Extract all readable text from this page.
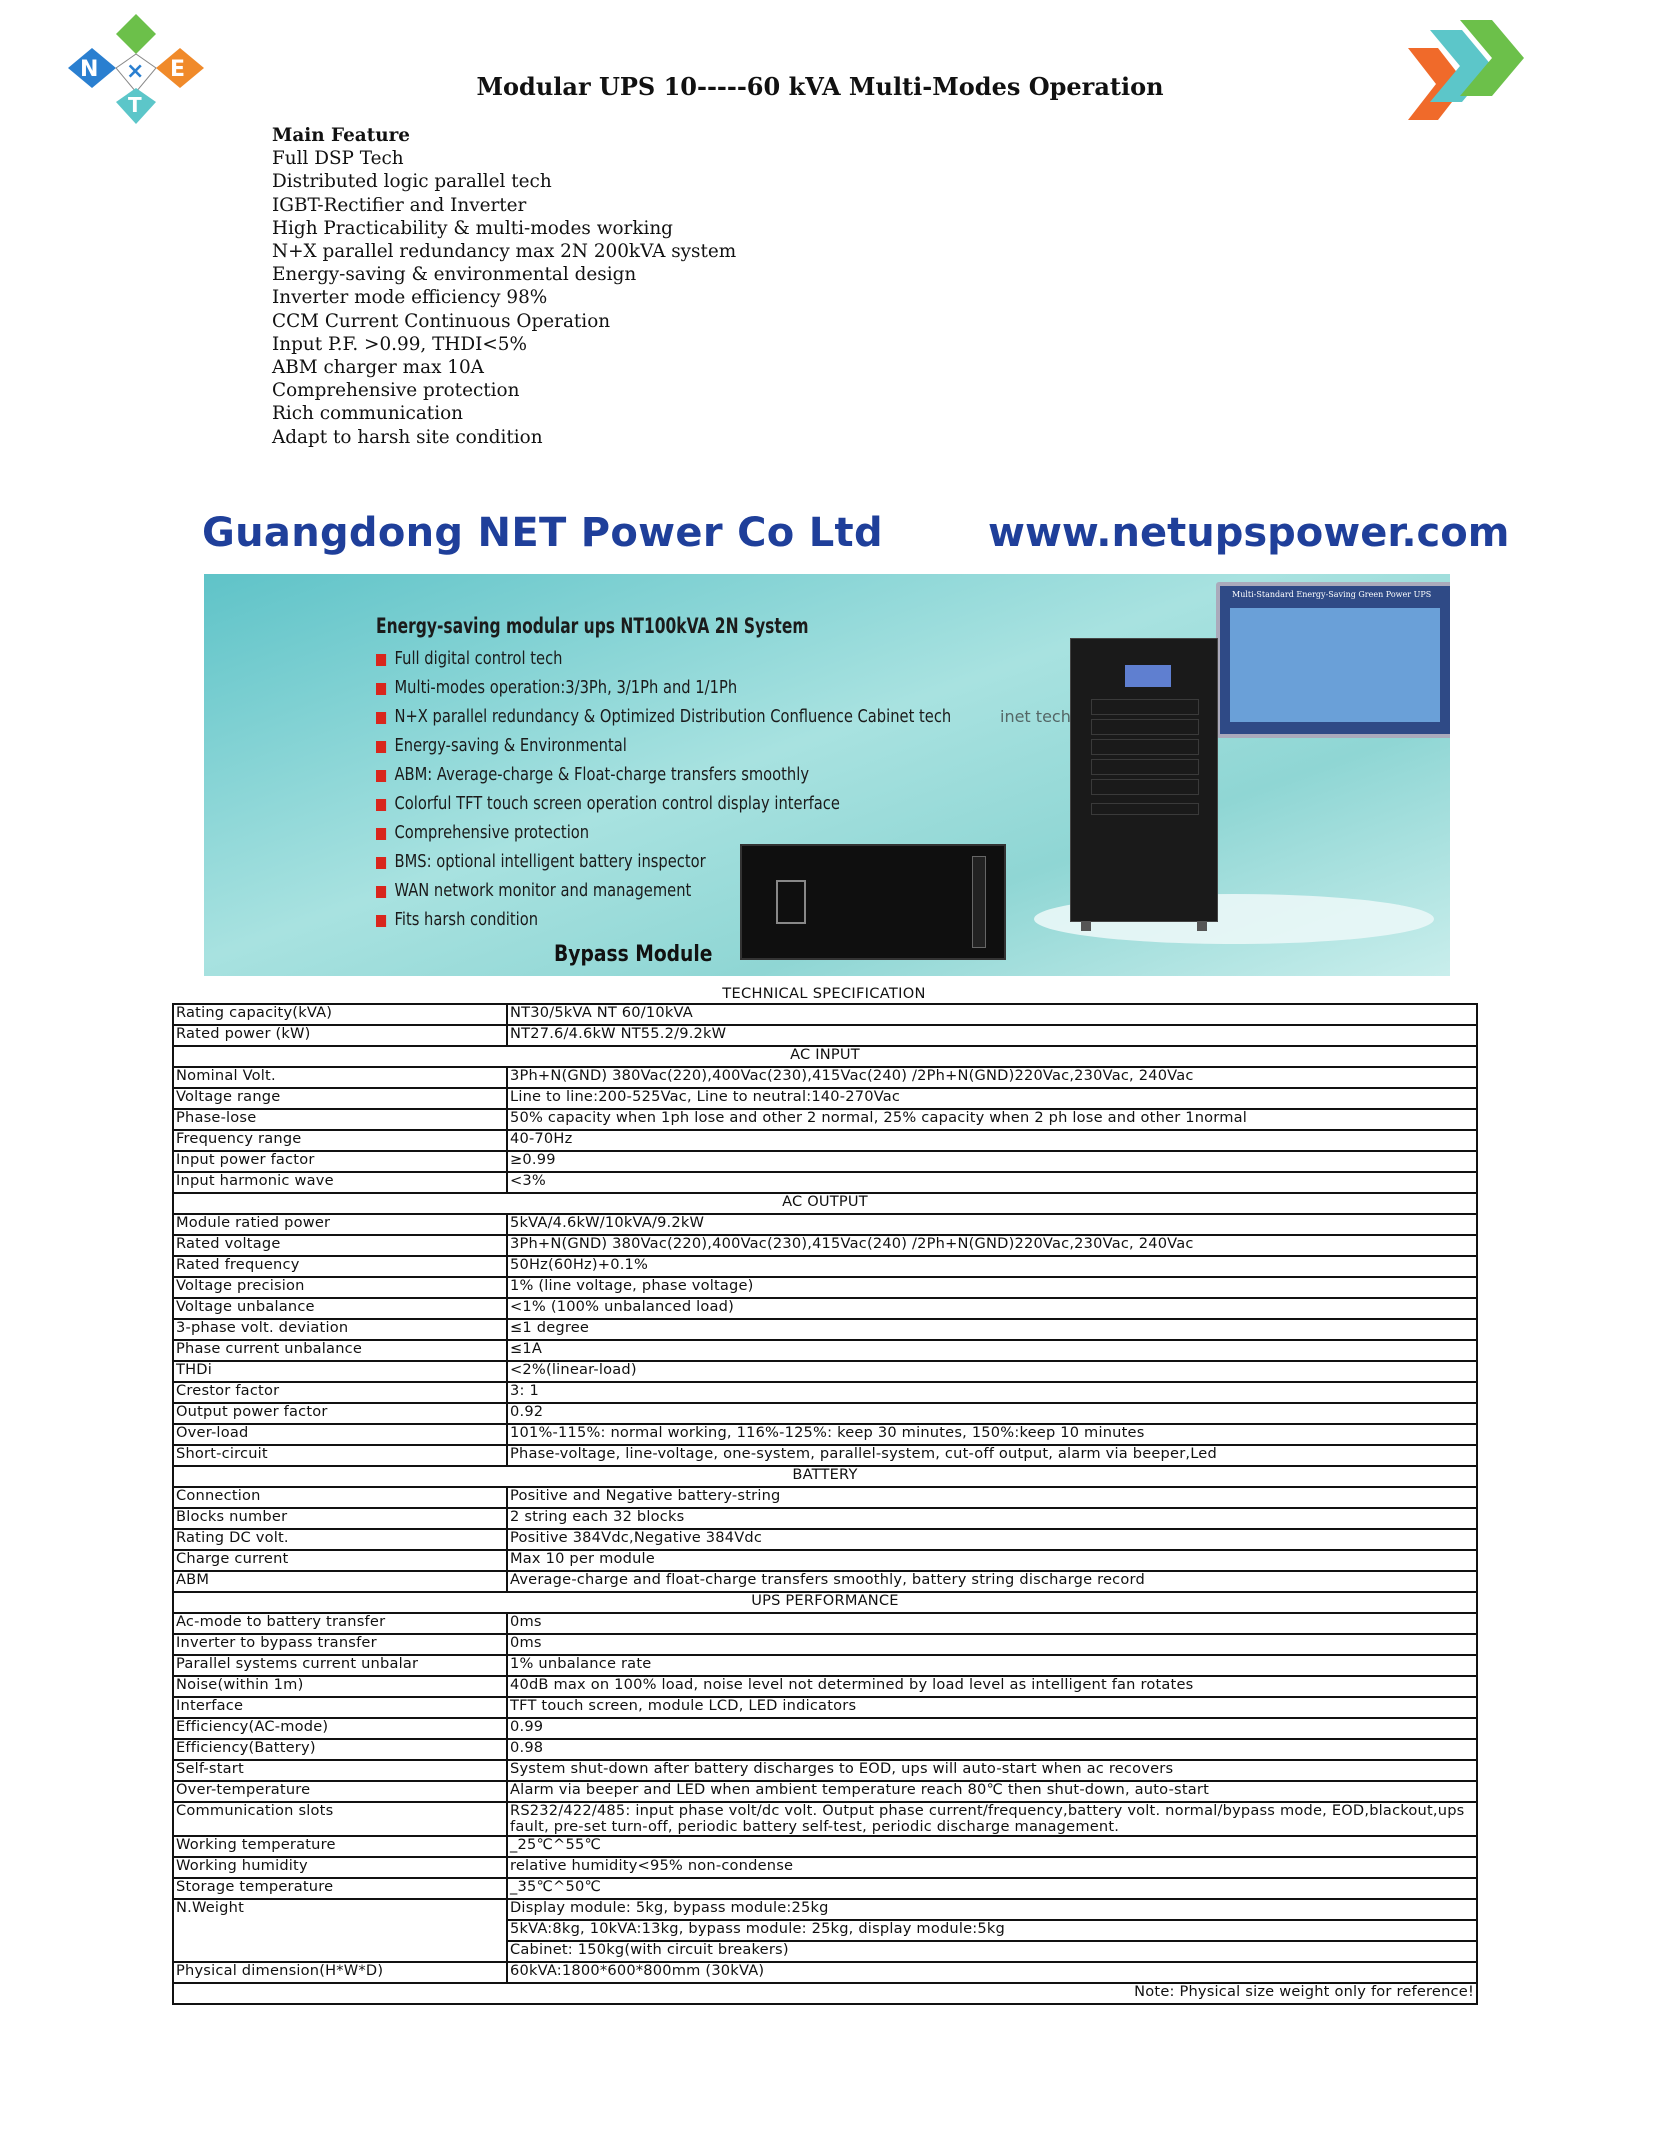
N × E
T
Modular UPS 10-----60 kVA Multi-Modes Operation
Main Feature
Full DSP Tech
Distributed logic parallel tech
IGBT-Rectifier and Inverter
High Practicability & multi-modes working
N+X parallel redundancy max 2N 200kVA system
Energy-saving & environmental design
Inverter mode efficiency 98%
CCM Current Continuous Operation
Input P.F. >0.99, THDI<5%
ABM charger max 10A
Comprehensive protection
Rich communication
Adapt to harsh site condition
Guangdong NET Power Co Ltd	www.netupspower.com
Multi-Standard Energy-Saving Green Power UPS
inet tech
Energy-saving modular ups NT100kVA 2N System
Full digital control tech
Multi-modes operation:3/3Ph, 3/1Ph and 1/1Ph
N+X parallel redundancy & Optimized Distribution Confluence Cabinet tech
Energy-saving & Environmental
ABM: Average-charge & Float-charge transfers smoothly
Colorful TFT touch screen operation control display interface
Comprehensive protection
BMS: optional intelligent battery inspector
WAN network monitor and management
Fits harsh condition
Bypass Module
TECHNICAL SPECIFICATION
Rating capacity(kVA)	NT30/5kVA NT 60/10kVA
Rated power (kW)	NT27.6/4.6kW NT55.2/9.2kW
AC INPUT	
Nominal Volt.	3Ph+N(GND) 380Vac(220),400Vac(230),415Vac(240) /2Ph+N(GND)220Vac,230Vac, 240Vac
Voltage range	Line to line:200-525Vac, Line to neutral:140-270Vac
Phase-lose	50% capacity when 1ph lose and other 2 normal, 25% capacity when 2 ph lose and other 1normal
Frequency range	40-70Hz
Input power factor	≥0.99
Input harmonic wave	<3%
AC OUTPUT	
Module ratied power	5kVA/4.6kW/10kVA/9.2kW
Rated voltage	3Ph+N(GND) 380Vac(220),400Vac(230),415Vac(240) /2Ph+N(GND)220Vac,230Vac, 240Vac
Rated frequency	50Hz(60Hz)+0.1%
Voltage precision	1% (line voltage, phase voltage)
Voltage unbalance	<1% (100% unbalanced load)
3-phase volt. deviation	≤1 degree
Phase current unbalance	≤1A
THDi	<2%(linear-load)
Crestor factor	3: 1
Output power factor	0.92
Over-load	101%-115%: normal working, 116%-125%: keep 30 minutes, 150%:keep 10 minutes
Short-circuit	Phase-voltage, line-voltage, one-system, parallel-system, cut-off output, alarm via beeper,Led
BATTERY	
Connection	Positive and Negative battery-string
Blocks number	2 string each 32 blocks
Rating DC volt.	Positive 384Vdc,Negative 384Vdc
Charge current	Max 10 per module
ABM	Average-charge and float-charge transfers smoothly, battery string discharge record
UPS PERFORMANCE	
Ac-mode to battery transfer	0ms
Inverter to bypass transfer	0ms
Parallel systems current unbalar	1% unbalance rate
Noise(within 1m)	40dB max on 100% load, noise level not determined by load level as intelligent fan rotates
Interface	TFT touch screen, module LCD, LED indicators
Efficiency(AC-mode)	0.99
Efficiency(Battery)	0.98
Self-start	System shut-down after battery discharges to EOD, ups will auto-start when ac recovers
Over-temperature	Alarm via beeper and LED when ambient temperature reach 80℃ then shut-down, auto-start
Communication slots	RS232/422/485: input phase volt/dc volt. Output phase current/frequency,battery volt. normal/bypass mode, EOD,blackout,ups fault, pre-set turn-off, periodic battery self-test, periodic discharge management.
Working temperature	_25℃^55℃
Working humidity	relative humidity<95% non-condense
Storage temperature	_35℃^50℃
N.Weight	Display module: 5kg, bypass module:25kg
	5kVA:8kg, 10kVA:13kg, bypass module: 25kg, display module:5kg
	Cabinet: 150kg(with circuit breakers)
Physical dimension(H*W*D)	60kVA:1800*600*800mm (30kVA)
Note: Physical size weight only for reference!	
